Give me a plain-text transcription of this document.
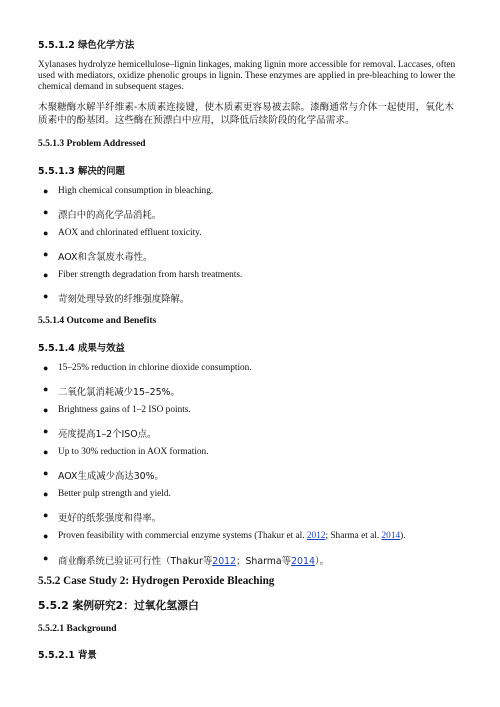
5.5.1.2 绿色化学方法
Xylanases hydrolyze hemicellulose–lignin linkages, making lignin more accessible for removal. Laccases, often used with mediators, oxidize phenolic groups in lignin. These enzymes are applied in pre-bleaching to lower the chemical demand in subsequent stages.
木聚糖酶水解半纤维素-木质素连接键，使木质素更容易被去除。漆酶通常与介体一起使用，氧化木质素中的酚基团。这些酶在预漂白中应用，以降低后续阶段的化学品需求。
5.5.1.3 Problem Addressed
5.5.1.3 解决的问题
● High chemical consumption in bleaching.
● 漂白中的高化学品消耗。
● AOX and chlorinated effluent toxicity.
● AOX和含氯废水毒性。
● Fiber strength degradation from harsh treatments.
● 苛刻处理导致的纤维强度降解。
5.5.1.4 Outcome and Benefits
5.5.1.4 成果与效益
● 15–25% reduction in chlorine dioxide consumption.
● 二氧化氯消耗减少15–25%。
● Brightness gains of 1–2 ISO points.
● 亮度提高1–2个ISO点。
● Up to 30% reduction in AOX formation.
● AOX生成减少高达30%。
● Better pulp strength and yield.
● 更好的纸浆强度和得率。
● Proven feasibility with commercial enzyme systems (Thakur et al. 2012; Sharma et al. 2014).
● 商业酶系统已验证可行性（Thakur等2012；Sharma等2014）。
5.5.2 Case Study 2: Hydrogen Peroxide Bleaching
5.5.2 案例研究2：过氧化氢漂白
5.5.2.1 Background
5.5.2.1 背景
